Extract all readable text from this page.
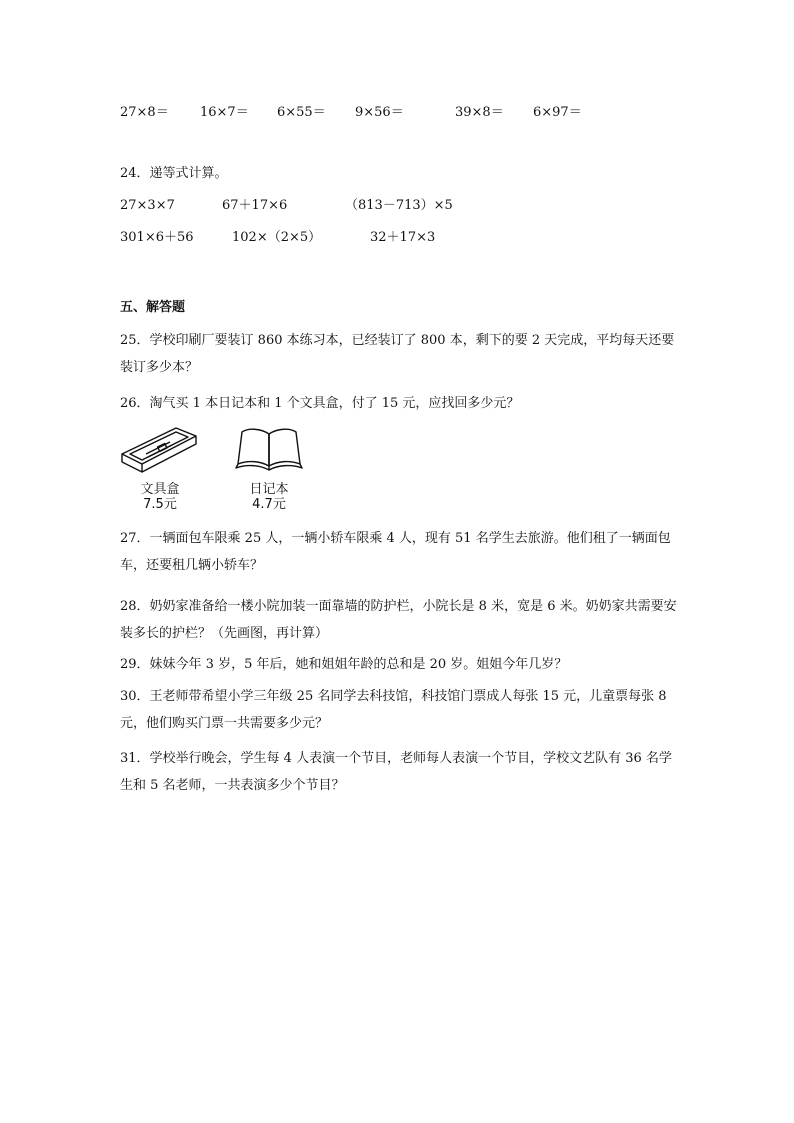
27×8＝ 16×7＝ 6×55＝ 9×56＝	39×8＝ 6×97＝
24．递等式计算。
27×3×7	67＋17×6	（813－713）×5
301×6＋56	102×（2×5）	32＋17×3
五、解答题
25．学校印刷厂要装订 860 本练习本，已经装订了 800 本，剩下的要 2 天完成，平均每天还要装订多少本？
26．淘气买 1 本日记本和 1 个文具盒，付了 15 元，应找回多少元？
文具盒
7.5元
日记本
4.7元
27．一辆面包车限乘 25 人，一辆小轿车限乘 4 人，现有 51 名学生去旅游。他们租了一辆面包车，还要租几辆小轿车？
28．奶奶家准备给一楼小院加装一面靠墙的防护栏，小院长是 8 米，宽是 6 米。奶奶家共需要安装多长的护栏？（先画图，再计算）
29．妹妹今年 3 岁，5 年后，她和姐姐年龄的总和是 20 岁。姐姐今年几岁？
30．王老师带希望小学三年级 25 名同学去科技馆，科技馆门票成人每张 15 元，儿童票每张 8 元，他们购买门票一共需要多少元？
31．学校举行晚会，学生每 4 人表演一个节目，老师每人表演一个节目，学校文艺队有 36 名学生和 5 名老师，一共表演多少个节目？
